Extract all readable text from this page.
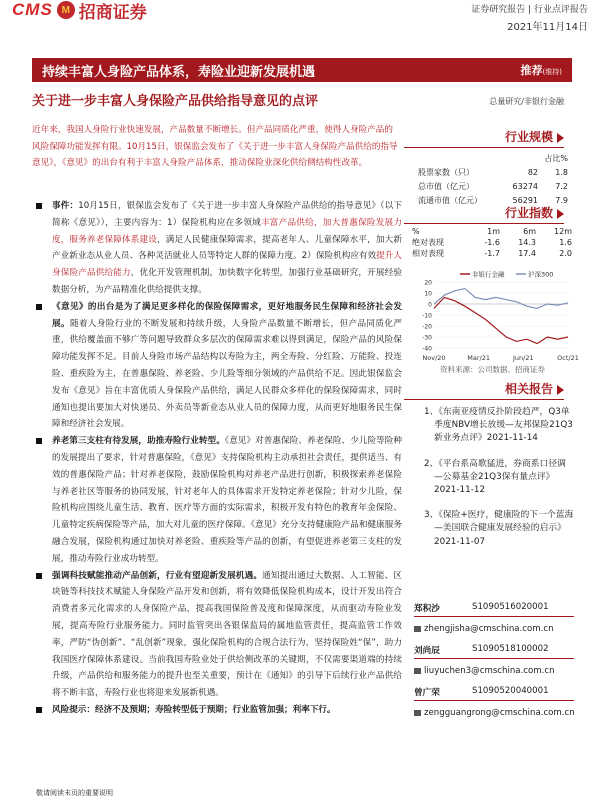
CMS M 招商证券	证券研究报告 | 行业点评报告
2021年11月14日
持续丰富人身险产品体系，寿险业迎新发展机遇	推荐(维持)
关于进一步丰富人身保险产品供给指导意见的点评	总量研究/非银行金融
近年来，我国人身险行业快速发展，产品数量不断增长。但产品同质化严重，使得人身险产品的风险保障功能发挥有限。10月15日，银保监会发布了《关于进一步丰富人身保险产品供给的指导意见》，《意见》的出台有利于丰富人身险产品体系，推动保险业深化供给侧结构性改革。
事件：10月15日，银保监会发布了《关于进一步丰富人身保险产品供给的指导意见》（以下简称《意见》），主要内容为：1）保险机构应在多领域丰富产品供给，加大普惠保险发展力度，服务养老保障体系建设，满足人民健康保障需求，提高老年人、儿童保障水平，加大新产业新业态从业人员、各种灵活就业人员等特定人群的保障力度。2）保险机构应有效提升人身保险产品供给能力，优化开发管理机制，加快数字化转型，加强行业基础研究，开展经验数据分析，为产品精准化供给提供支撑。
《意见》的出台是为了满足更多样化的保险保障需求，更好地服务民生保障和经济社会发展。随着人身险行业的不断发展和持续升级，人身险产品数量不断增长，但产品同质化严重，供给覆盖面不够广等问题导致群众多层次的保障需求难以得到满足，保险产品的风险保障功能发挥不足。目前人身险市场产品结构以寿险为主，两全寿险、分红险、万能险、投连险、重疾险为主，在普惠保险、养老险、少儿险等细分领域的产品供给不足。因此银保监会发布《意见》旨在丰富优质人身保险产品供给，满足人民群众多样化的保险保障需求，同时通知也提出要加大对快递员、外卖员等新业态从业人员的保障力度，从而更好地服务民生保障和经济社会发展。
养老第三支柱有待发展，助推寿险行业转型。《意见》对普惠保险、养老保险、少儿险等险种的发展提出了要求，针对普惠保险，《意见》支持保险机构主动承担社会责任，提供适当、有效的普惠保险产品；针对养老保险，鼓励保险机构对养老产品进行创新，积极探索养老保险与养老社区等服务的协同发展，针对老年人的具体需求开发特定养老保险；针对少儿险，保险机构应围绕儿童生活、教育、医疗等方面的实际需求，积极开发有特色的教育年金保险、儿童特定疾病保险等产品，加大对儿童的医疗保障。《意见》充分支持健康险产品和健康服务融合发展，保险机构通过加快对养老险、重疾险等产品的创新，有望促进养老第三支柱的发展，推动寿险行业成功转型。
强调科技赋能推动产品创新，行业有望迎新发展机遇。通知提出通过大数据、人工智能、区块链等科技技术赋能人身保险产品开发和创新，将有效降低保险机构成本，设计开发出符合消费者多元化需求的人身保险产品，提高我国保险普及度和保障深度，从而驱动寿险业发展，提高寿险行业服务能力。同时监管突出各银保监局的属地监管责任，提高监管工作效率，严防“伪创新”、“乱创新”现象，强化保险机构的合规合法行为，坚持保险姓“保”，助力我国医疗保障体系建设。当前我国寿险业处于供给侧改革的关键期，不仅需要渠道端的持续升级，产品供给和服务能力的提升也至关重要，预计在《通知》的引导下后续行业产品供给将不断丰富，寿险行业也将迎来发展新机遇。
风险提示：经济不及预期；寿险转型低于预期；行业监管加强；利率下行。
行业规模
占比%
股票家数（只）	82	1.8
总市值（亿元）	63274	7.2
流通市值（亿元）	56291	7.9
行业指数
%	1m	6m	12m
绝对表现	-1.6	14.3	1.6
相对表现	-1.7	17.4	2.0
20
10
0
-10
-20
-30
-40
Nov/20	Mar/21	Jun/21	Oct/21
非银行金融	沪深300
资料来源：公司数据、招商证券
相关报告
1、《东南亚疫情反扑阶段趋严，Q3单季度NBV增长放缓—友邦保险21Q3新业务点评》2021-11-14
2、《平台系高歌猛进，券商系口径调—公募基金21Q3保有量点评》2021-11-12
3、《保险+医疗，健康险的下一个蓝海—美国联合健康发展经验的启示》2021-11-07
郑积沙	S1090516020001
zhengjisha@cmschina.com.cn
刘尚辰	S1090518100002
liuyuchen3@cmschina.com.cn
曾广荣	S1090520040001
zengguangrong@cmschina.com.cn
敬请阅读末页的重要说明
